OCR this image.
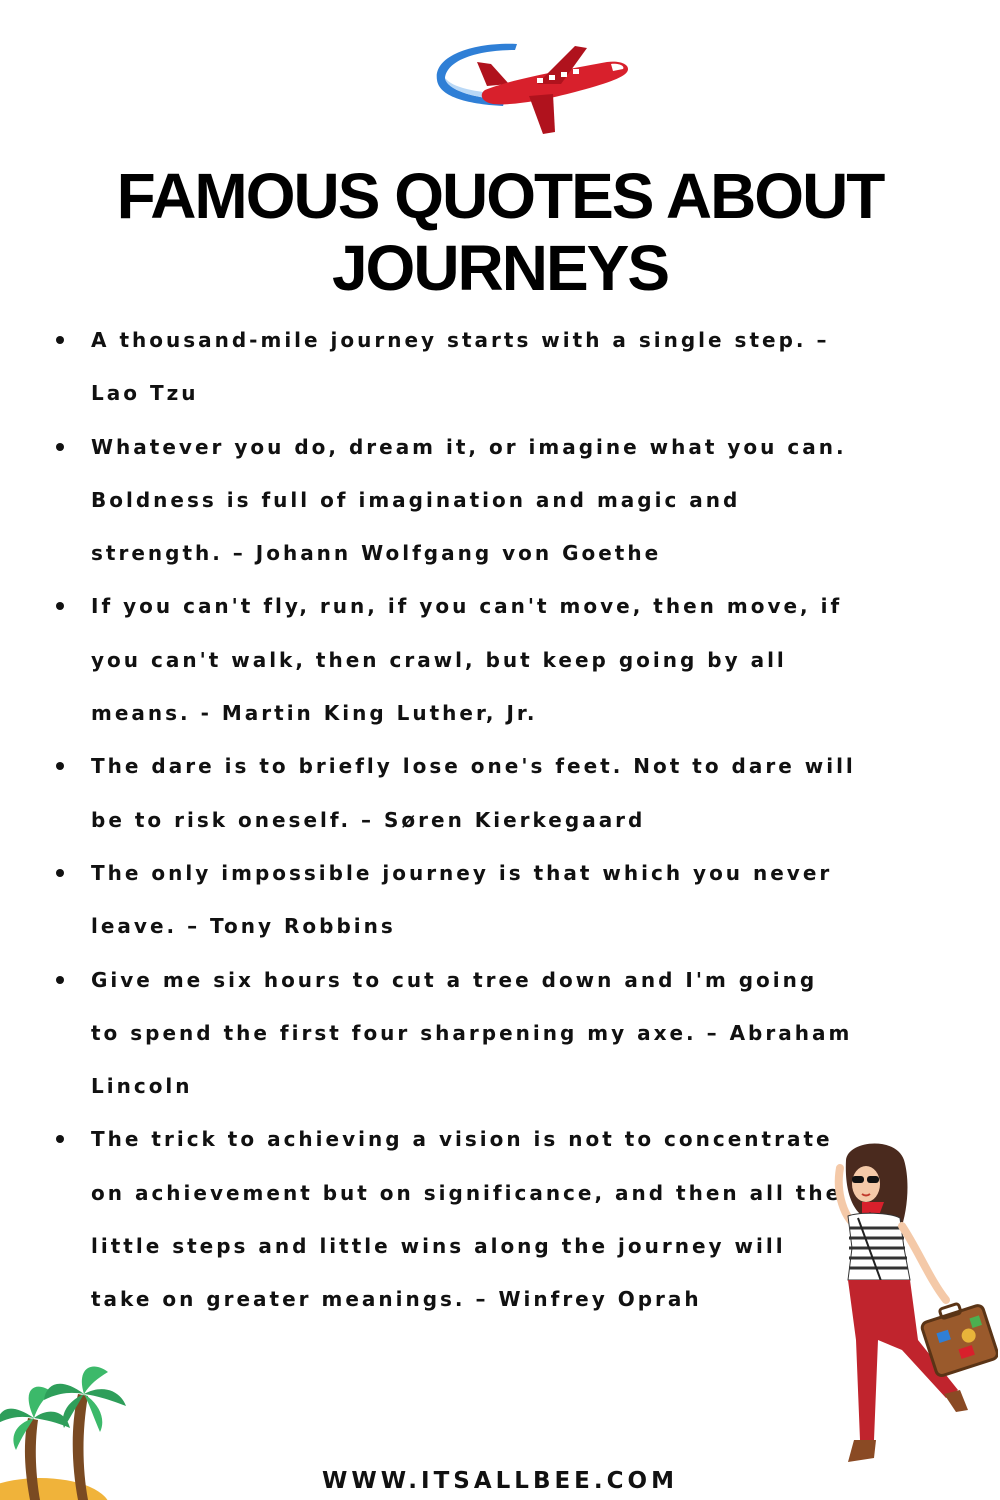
FAMOUS QUOTES ABOUT JOURNEYS
A thousand-mile journey starts with a single step. – Lao Tzu
Whatever you do, dream it, or imagine what you can. Boldness is full of imagination and magic and strength. – Johann Wolfgang von Goethe
If you can't fly, run, if you can't move, then move, if you can't walk, then crawl, but keep going by all means. - Martin King Luther, Jr.
The dare is to briefly lose one's feet. Not to dare will be to risk oneself. – Søren Kierkegaard
The only impossible journey is that which you never leave. – Tony Robbins
Give me six hours to cut a tree down and I'm going to spend the first four sharpening my axe. – Abraham Lincoln
The trick to achieving a vision is not to concentrate on achievement but on significance, and then all the little steps and little wins along the journey will take on greater meanings. – Winfrey Oprah
WWW.ITSALLBEE.COM
